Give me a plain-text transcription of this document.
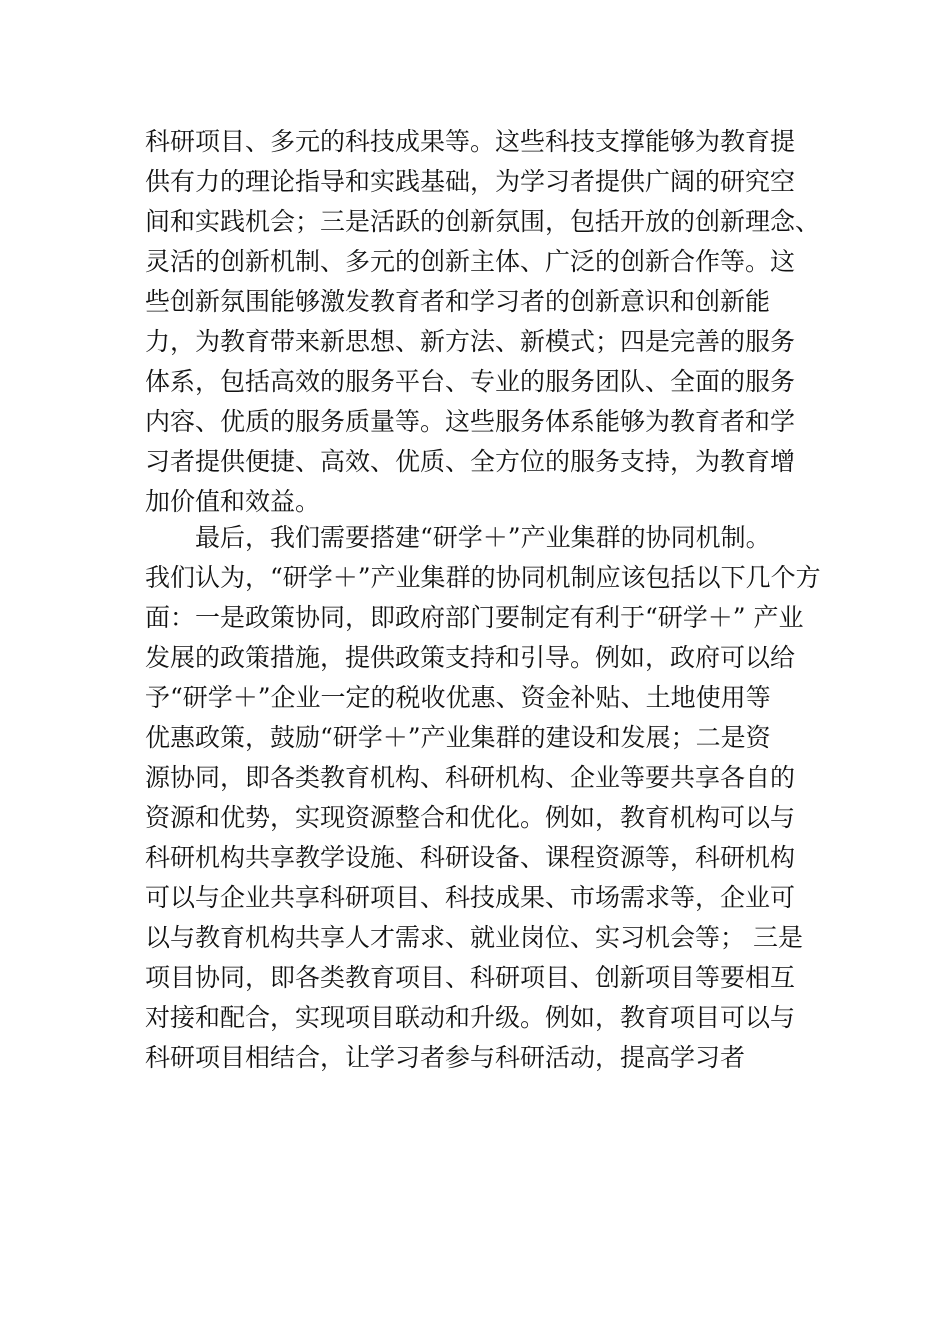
科研项目、多元的科技成果等。这些科技支撑能够为教育提
供有力的理论指导和实践基础，为学习者提供广阔的研究空
间和实践机会；三是活跃的创新氛围，包括开放的创新理念、
灵活的创新机制、多元的创新主体、广泛的创新合作等。这
些创新氛围能够激发教育者和学习者的创新意识和创新能
力，为教育带来新思想、新方法、新模式；四是完善的服务
体系，包括高效的服务平台、专业的服务团队、全面的服务
内容、优质的服务质量等。这些服务体系能够为教育者和学
习者提供便捷、高效、优质、全方位的服务支持，为教育增
加价值和效益。
最后，我们需要搭建“研学＋”产业集群的协同机制。
我们认为，“研学＋”产业集群的协同机制应该包括以下几个方
面：一是政策协同，即政府部门要制定有利于“研学＋” 产业
发展的政策措施，提供政策支持和引导。例如，政府可以给
予“研学＋”企业一定的税收优惠、资金补贴、土地使用等
优惠政策，鼓励“研学＋”产业集群的建设和发展；二是资
源协同，即各类教育机构、科研机构、企业等要共享各自的
资源和优势，实现资源整合和优化。例如，教育机构可以与
科研机构共享教学设施、科研设备、课程资源等，科研机构
可以与企业共享科研项目、科技成果、市场需求等，企业可
以与教育机构共享人才需求、就业岗位、实习机会等； 三是
项目协同，即各类教育项目、科研项目、创新项目等要相互
对接和配合，实现项目联动和升级。例如，教育项目可以与
科研项目相结合，让学习者参与科研活动，提高学习者
